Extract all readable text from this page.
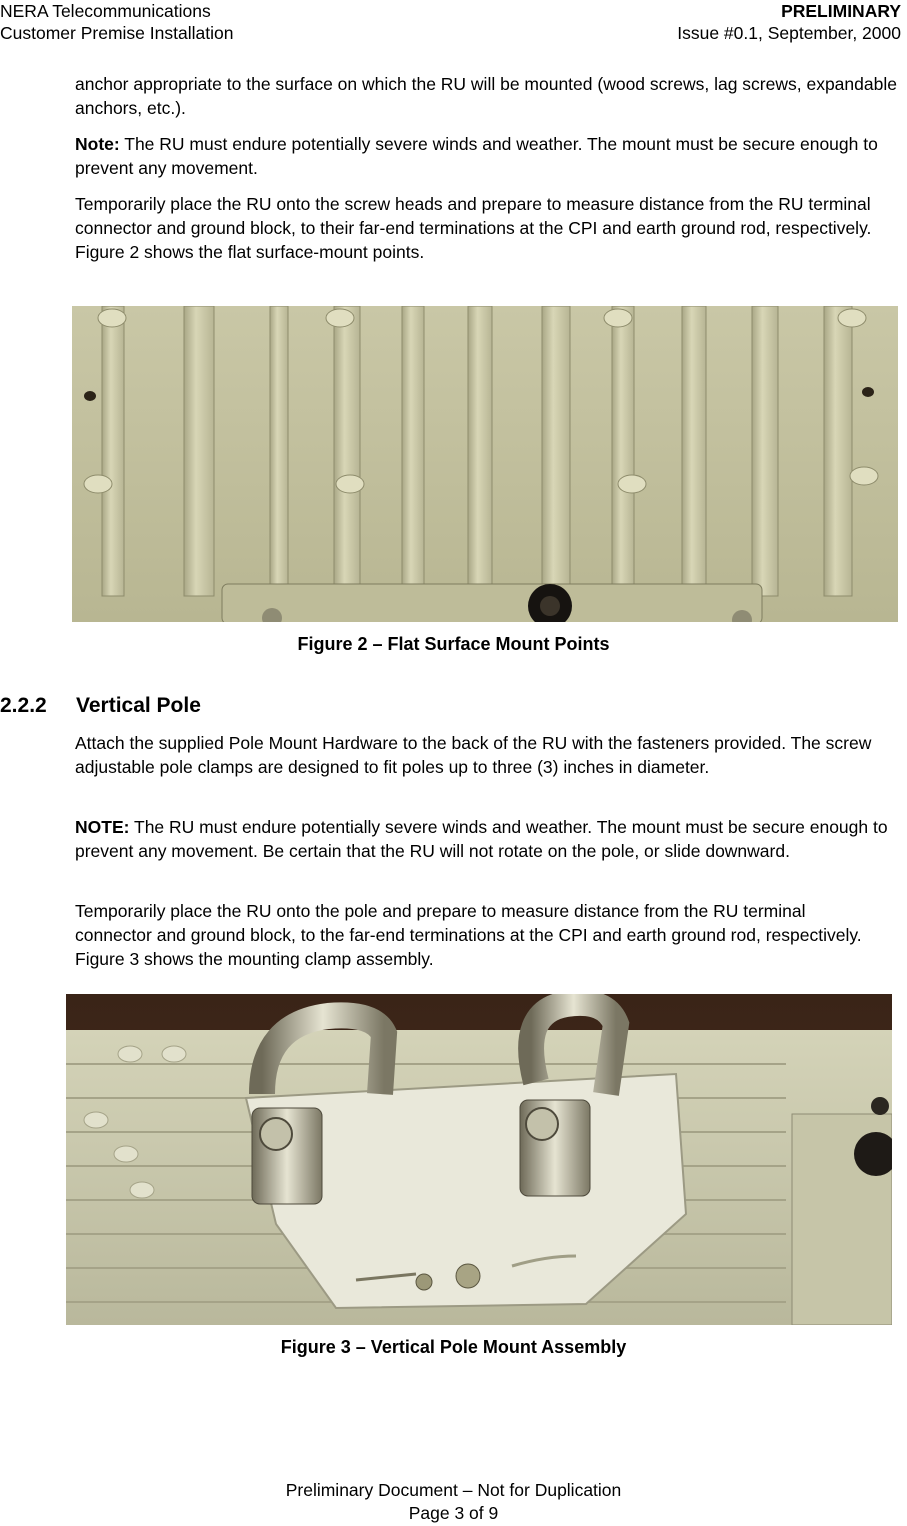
NERA Telecommunications
Customer Premise Installation
PRELIMINARY
Issue #0.1, September, 2000

anchor appropriate to the surface on which the RU will be mounted (wood screws, lag screws, expandable anchors, etc.).

Note: The RU must endure potentially severe winds and weather. The mount must be secure enough to prevent any movement.

Temporarily place the RU onto the screw heads and prepare to measure distance from the RU terminal connector and ground block, to their far-end terminations at the CPI and earth ground rod, respectively. Figure 2 shows the flat surface-mount points.

Figure 2 – Flat Surface Mount Points
2.2.2 Vertical Pole

Attach the supplied Pole Mount Hardware to the back of the RU with the fasteners provided. The screw adjustable pole clamps are designed to fit poles up to three (3) inches in diameter.

NOTE: The RU must endure potentially severe winds and weather. The mount must be secure enough to prevent any movement. Be certain that the RU will not rotate on the pole, or slide downward.

Temporarily place the RU onto the pole and prepare to measure distance from the RU terminal connector and ground block, to the far-end terminations at the CPI and earth ground rod, respectively. Figure 3 shows the mounting clamp assembly.

Figure 3 – Vertical Pole Mount Assembly
Preliminary Document – Not for Duplication
Page 3 of 9
